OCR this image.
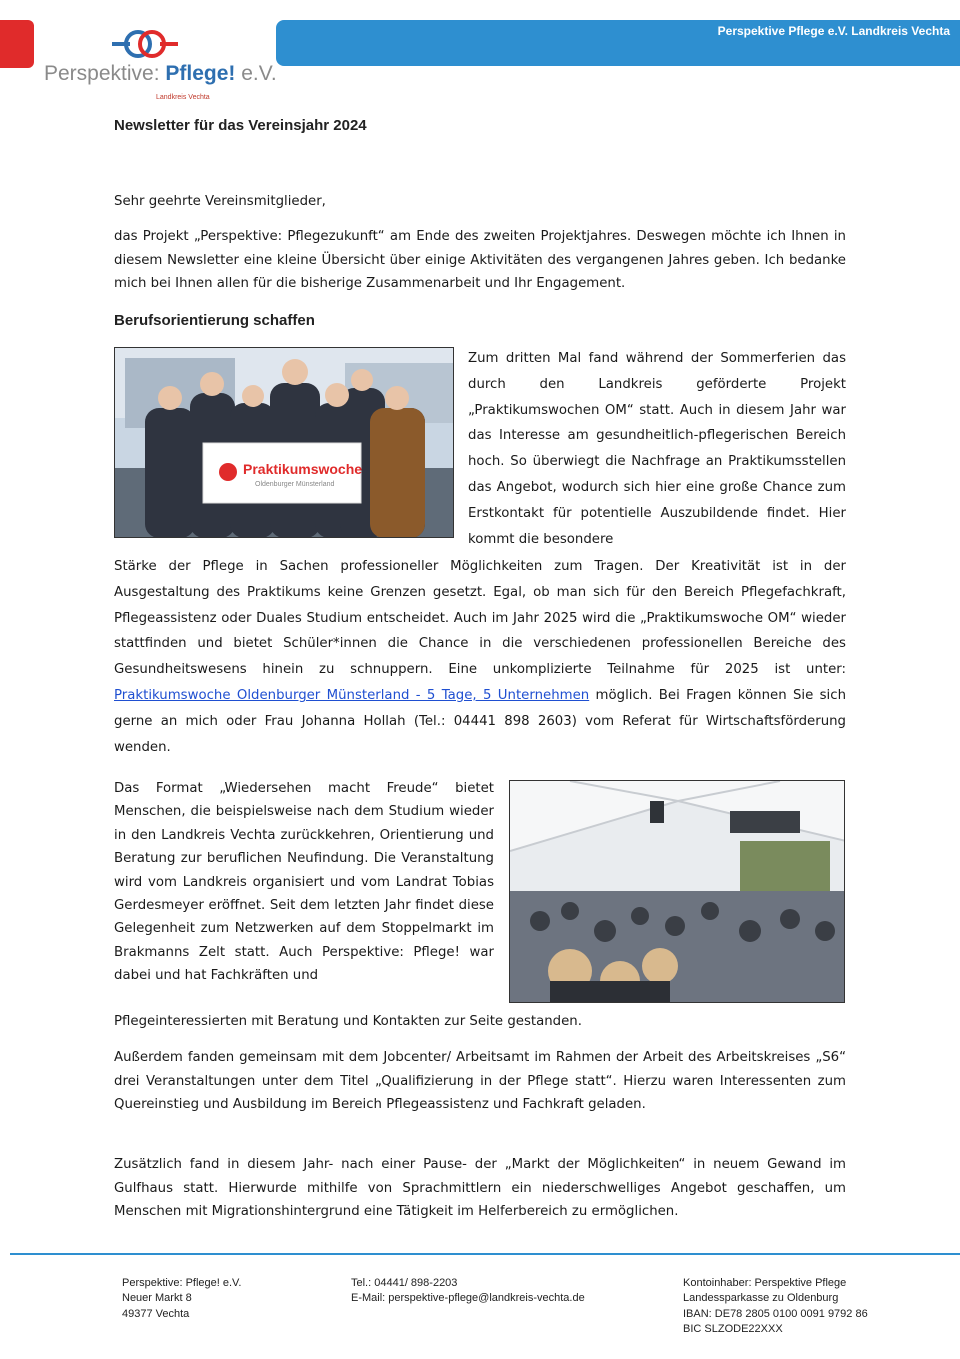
Perspektive Pflege e.V. Landkreis Vechta
Perspektive: Pflege! e.V.
Landkreis Vechta
Newsletter für das Vereinsjahr 2024
Sehr geehrte Vereinsmitglieder,
das Projekt „Perspektive: Pflegezukunft“ am Ende des zweiten Projektjahres. Deswegen möchte ich Ihnen in diesem Newsletter eine kleine Übersicht über einige Aktivitäten des vergangenen Jahres geben. Ich bedanke mich bei Ihnen allen für die bisherige Zusammenarbeit und Ihr Engagement.
Berufsorientierung schaffen
Praktikumswoche
Oldenburger Münsterland
Zum dritten Mal fand während der Sommerferien das durch den Landkreis geförderte Projekt „Praktikumswochen OM“ statt. Auch in diesem Jahr war das Interesse am gesundheitlich-pflegerischen Bereich hoch. So überwiegt die Nachfrage an Praktikumsstellen das Angebot, wodurch sich hier eine große Chance zum Erstkontakt für potentielle Auszubildende findet. Hier kommt die besondere
Stärke der Pflege in Sachen professioneller Möglichkeiten zum Tragen. Der Kreativität ist in der Ausgestaltung des Praktikums keine Grenzen gesetzt. Egal, ob man sich für den Bereich Pflegefachkraft, Pflegeassistenz oder Duales Studium entscheidet. Auch im Jahr 2025 wird die „Praktikumswoche OM“ wieder stattfinden und bietet Schüler*innen die Chance in die verschiedenen professionellen Bereiche des Gesundheitswesens hinein zu schnuppern. Eine unkomplizierte Teilnahme für 2025 ist unter: Praktikumswoche Oldenburger Münsterland - 5 Tage, 5 Unternehmen möglich. Bei Fragen können Sie sich gerne an mich oder Frau Johanna Hollah (Tel.: 04441 898 2603) vom Referat für Wirtschaftsförderung wenden.
Das Format „Wiedersehen macht Freude“ bietet Menschen, die beispielsweise nach dem Studium wieder in den Landkreis Vechta zurückkehren, Orientierung und Beratung zur beruflichen Neufindung. Die Veranstaltung wird vom Landkreis organisiert und vom Landrat Tobias Gerdesmeyer eröffnet. Seit dem letzten Jahr findet diese Gelegenheit zum Netzwerken auf dem Stoppelmarkt im Brakmanns Zelt statt. Auch Perspektive: Pflege! war dabei und hat Fachkräften und
Pflegeinteressierten mit Beratung und Kontakten zur Seite gestanden.
Außerdem fanden gemeinsam mit dem Jobcenter/ Arbeitsamt im Rahmen der Arbeit des Arbeitskreises „S6“ drei Veranstaltungen unter dem Titel „Qualifizierung in der Pflege statt“. Hierzu waren Interessenten zum Quereinstieg und Ausbildung im Bereich Pflegeassistenz und Fachkraft geladen.
Zusätzlich fand in diesem Jahr- nach einer Pause- der „Markt der Möglichkeiten“ in neuem Gewand im Gulfhaus statt. Hierwurde mithilfe von Sprachmittlern ein niederschwelliges Angebot geschaffen, um Menschen mit Migrationshintergrund eine Tätigkeit im Helferbereich zu ermöglichen.
Perspektive: Pflege! e.V.
Neuer Markt 8
49377 Vechta
Tel.: 04441/ 898-2203
E-Mail: perspektive-pflege@landkreis-vechta.de
Kontoinhaber: Perspektive Pflege
Landessparkasse zu Oldenburg
IBAN: DE78 2805 0100 0091 9792 86
BIC SLZODE22XXX
